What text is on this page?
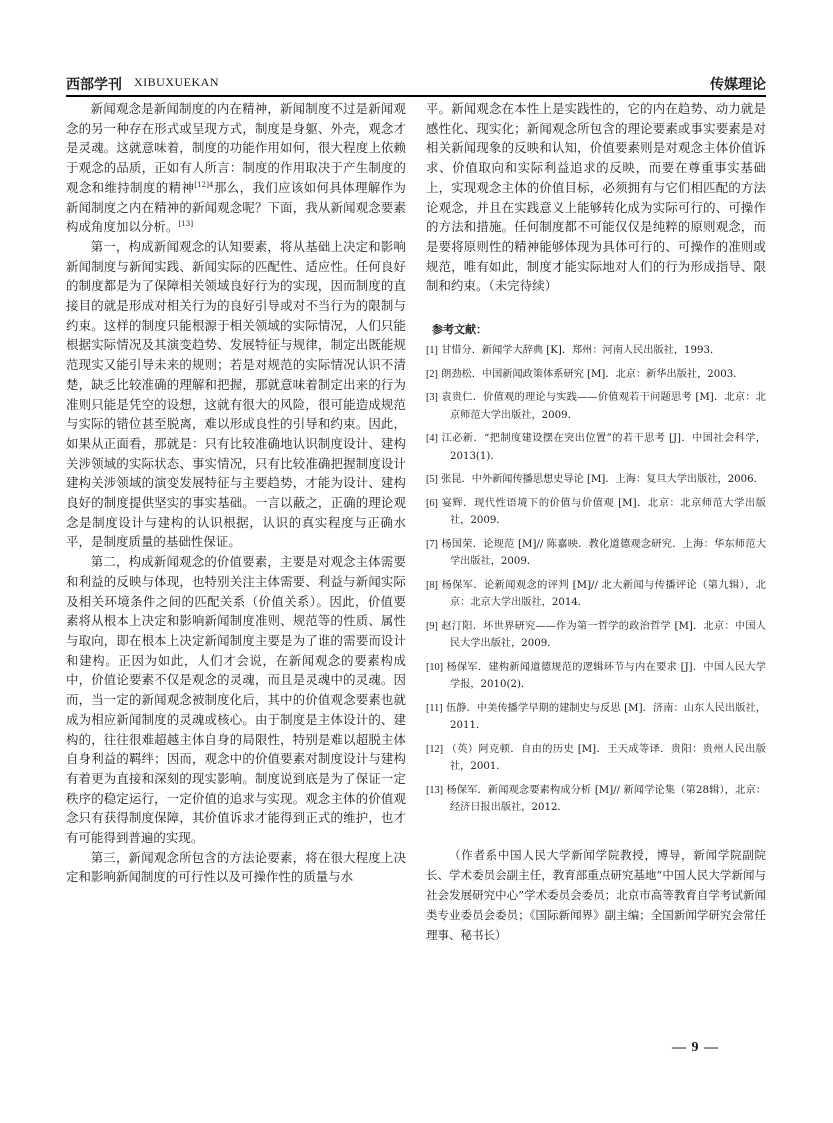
西部学刊 XIBUXUEKAN	传媒理论

新闻观念是新闻制度的内在精神，新闻制度不过是新闻观念的另一种存在形式或呈现方式，制度是身躯、外壳，观念才是灵魂。这就意味着，制度的功能作用如何，很大程度上依赖于观念的品质，正如有人所言：制度的作用取决于产生制度的观念和维持制度的精神$^{[12]4}$那么，我们应该如何具体理解作为新闻制度之内在精神的新闻观念呢？下面，我从新闻观念要素构成角度加以分析。[13]

第一，构成新闻观念的认知要素，将从基础上决定和影响新闻制度与新闻实践、新闻实际的匹配性、适应性。任何良好的制度都是为了保障相关领域良好行为的实现，因而制度的直接目的就是形成对相关行为的良好引导或对不当行为的限制与约束。这样的制度只能根源于相关领域的实际情况，人们只能根据实际情况及其演变趋势、发展特征与规律，制定出既能规范现实又能引导未来的规则；若是对规范的实际情况认识不清楚，缺乏比较准确的理解和把握，那就意味着制定出来的行为准则只能是凭空的设想，这就有很大的风险，很可能造成规范与实际的错位甚至脱离，难以形成良性的引导和约束。因此，如果从正面看，那就是：只有比较准确地认识制度设计、建构关涉领域的实际状态、事实情况，只有比较准确把握制度设计建构关涉领域的演变发展特征与主要趋势，才能为设计、建构良好的制度提供坚实的事实基础。一言以蔽之，正确的理论观念是制度设计与建构的认识根据，认识的真实程度与正确水平，是制度质量的基础性保证。

第二，构成新闻观念的价值要素，主要是对观念主体需要和利益的反映与体现，也特别关注主体需要、利益与新闻实际及相关环境条件之间的匹配关系（价值关系）。因此，价值要素将从根本上决定和影响新闻制度准则、规范等的性质、属性与取向，即在根本上决定新闻制度主要是为了谁的需要而设计和建构。正因为如此，人们才会说，在新闻观念的要素构成中，价值论要素不仅是观念的灵魂，而且是灵魂中的灵魂。因而，当一定的新闻观念被制度化后，其中的价值观念要素也就成为相应新闻制度的灵魂或核心。由于制度是主体设计的、建构的，往往很难超越主体自身的局限性，特别是难以超脱主体自身利益的羁绊；因而，观念中的价值要素对制度设计与建构有着更为直接和深刻的现实影响。制度说到底是为了保证一定秩序的稳定运行，一定价值的追求与实现。观念主体的价值观念只有获得制度保障，其价值诉求才能得到正式的维护，也才有可能得到普遍的实现。

第三，新闻观念所包含的方法论要素，将在很大程度上决定和影响新闻制度的可行性以及可操作性的质量与水

平。新闻观念在本性上是实践性的，它的内在趋势、动力就是感性化、现实化；新闻观念所包含的理论要素或事实要素是对相关新闻现象的反映和认知，价值要素则是对观念主体价值诉求、价值取向和实际利益追求的反映，而要在尊重事实基础上，实现观念主体的价值目标，必须拥有与它们相匹配的方法论观念，并且在实践意义上能够转化成为实际可行的、可操作的方法和措施。任何制度都不可能仅仅是纯粹的原则观念，而是要将原则性的精神能够体现为具体可行的、可操作的准则或规范，唯有如此，制度才能实际地对人们的行为形成指导、限制和约束。（未完待续）

参考文献：
[1] 甘惜分．新闻学大辞典 [K]．郑州：河南人民出版社，1993．
[2] 朗劲松．中国新闻政策体系研究 [M]．北京：新华出版社，2003．
[3] 袁贵仁．价值观的理论与实践——价值观若干问题思考 [M]．北京：北京师范大学出版社，2009．
[4] 江必新．“把制度建设摆在突出位置”的若干思考 [J]．中国社会科学，2013(1)．
[5] 张昆．中外新闻传播思想史导论 [M]．上海：复旦大学出版社，2006．
[6] 宴辉．现代性语境下的价值与价值观 [M]．北京：北京师范大学出版社，2009．
[7] 杨国荣．论规范 [M]// 陈嘉映．教化道德观念研究．上海：华东师范大学出版社，2009．
[8] 杨保军．论新闻观念的评判 [M]// 北大新闻与传播评论（第九辑），北京：北京大学出版社，2014．
[9] 赵汀阳．坏世界研究——作为第一哲学的政治哲学 [M]．北京：中国人民大学出版社，2009．
[10] 杨保军．建构新闻道德规范的逻辑环节与内在要求 [J]．中国人民大学学报，2010(2)．
[11] 伍静．中美传播学早期的建制史与反思 [M]．济南：山东人民出版社，2011．
[12] （英）阿克顿．自由的历史 [M]．王天成等译．贵阳：贵州人民出版社，2001．
[13] 杨保军．新闻观念要素构成分析 [M]// 新闻学论集（第28辑），北京：经济日报出版社，2012．

（作者系中国人民大学新闻学院教授，博导，新闻学院副院长、学术委员会副主任，教育部重点研究基地“中国人民大学新闻与社会发展研究中心”学术委员会委员；北京市高等教育自学考试新闻类专业委员会委员；《国际新闻界》副主编；全国新闻学研究会常任理事、秘书长）

— 9 —
